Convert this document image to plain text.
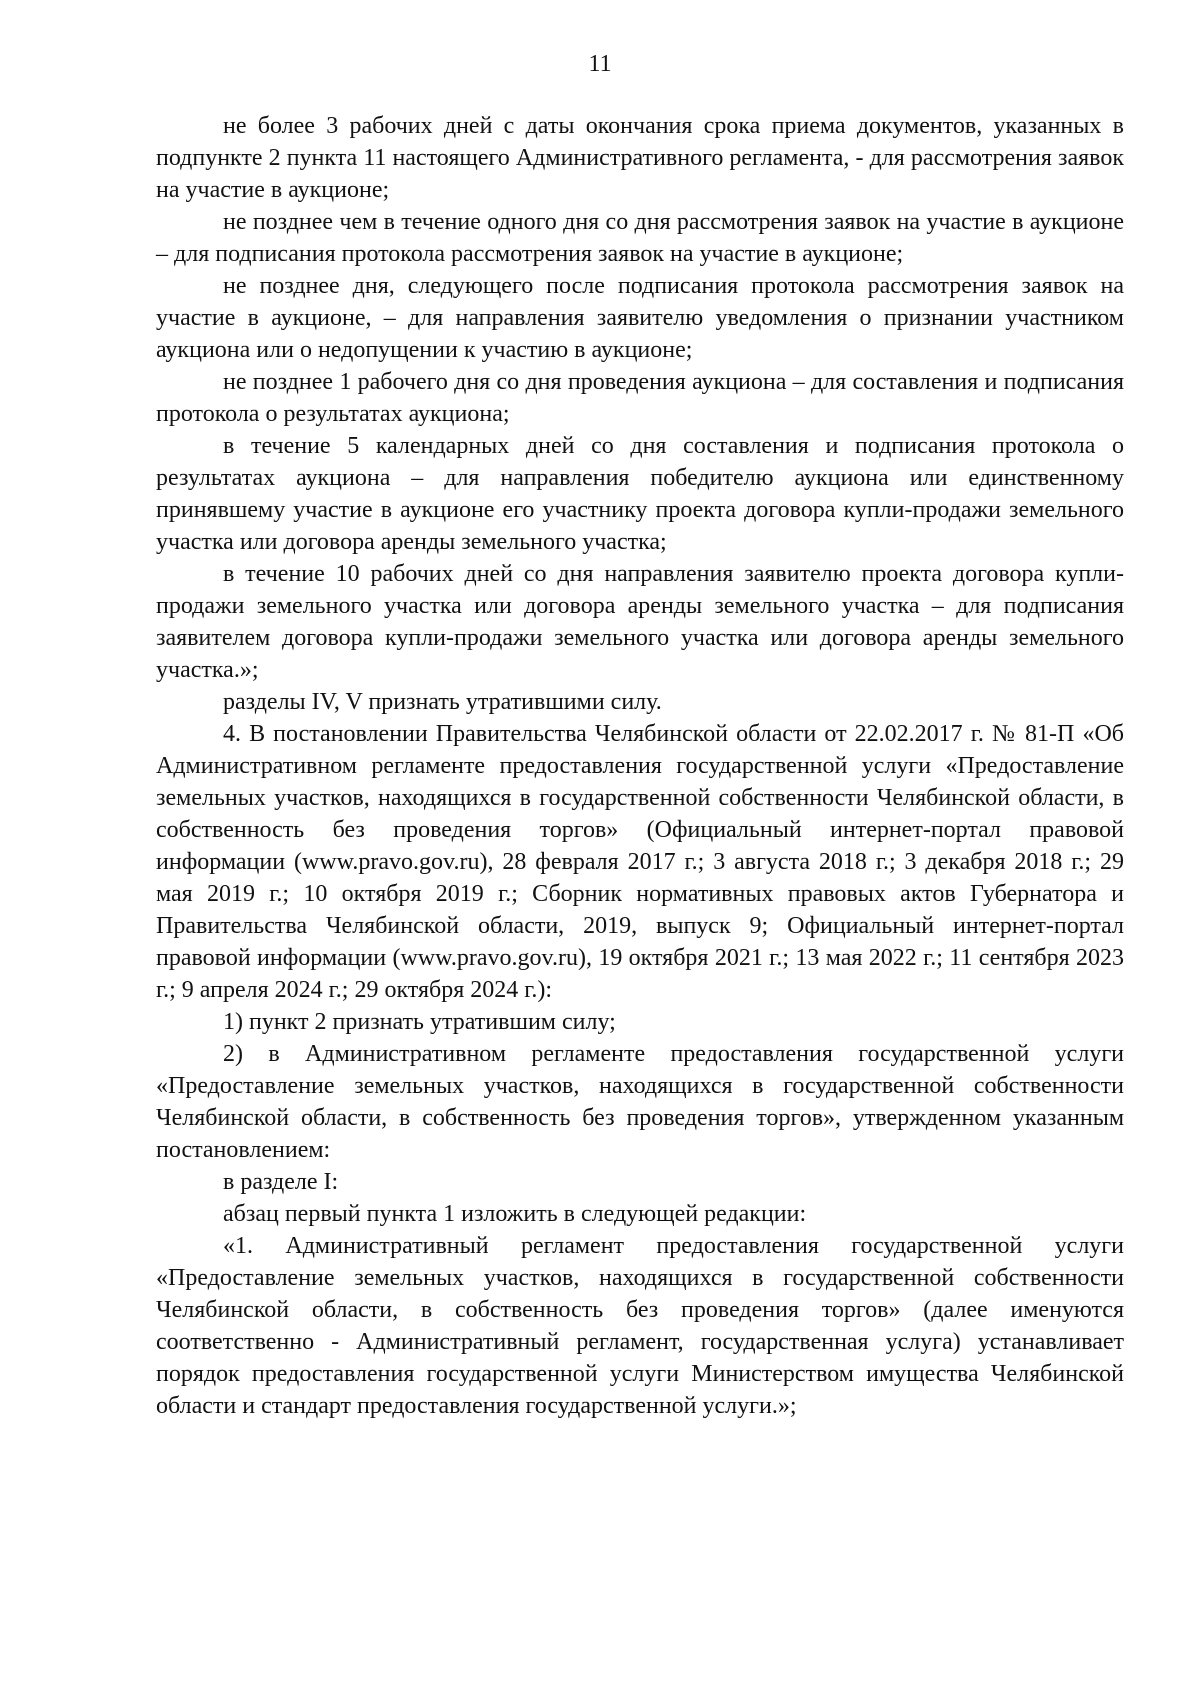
11

не более 3 рабочих дней с даты окончания срока приема документов, указанных в подпункте 2 пункта 11 настоящего Административного регламента, - для рассмотрения заявок на участие в аукционе;

не позднее чем в течение одного дня со дня рассмотрения заявок на участие в аукционе – для подписания протокола рассмотрения заявок на участие в аукционе;

не позднее дня, следующего после подписания протокола рассмотрения заявок на участие в аукционе, – для направления заявителю уведомления о признании участником аукциона или о недопущении к участию в аукционе;

не позднее 1 рабочего дня со дня проведения аукциона – для составления и подписания протокола о результатах аукциона;

в течение 5 календарных дней со дня составления и подписания протокола о результатах аукциона – для направления победителю аукциона или единственному принявшему участие в аукционе его участнику проекта договора купли-продажи земельного участка или договора аренды земельного участка;

в течение 10 рабочих дней со дня направления заявителю проекта договора купли-продажи земельного участка или договора аренды земельного участка – для подписания заявителем договора купли-продажи земельного участка или договора аренды земельного участка.»;

разделы IV, V признать утратившими силу.

4. В постановлении Правительства Челябинской области от 22.02.2017 г. № 81-П «Об Административном регламенте предоставления государственной услуги «Предоставление земельных участков, находящихся в государственной собственности Челябинской области, в собственность без проведения торгов» (Официальный интернет-портал правовой информации (www.pravo.gov.ru), 28 февраля 2017 г.; 3 августа 2018 г.; 3 декабря 2018 г.; 29 мая 2019 г.; 10 октября 2019 г.; Сборник нормативных правовых актов Губернатора и Правительства Челябинской области, 2019, выпуск 9; Официальный интернет-портал правовой информации (www.pravo.gov.ru), 19 октября 2021 г.; 13 мая 2022 г.; 11 сентября 2023 г.; 9 апреля 2024 г.; 29 октября 2024 г.):

1) пункт 2 признать утратившим силу;

2) в Административном регламенте предоставления государственной услуги «Предоставление земельных участков, находящихся в государственной собственности Челябинской области, в собственность без проведения торгов», утвержденном указанным постановлением:

в разделе I:

абзац первый пункта 1 изложить в следующей редакции:

«1. Административный регламент предоставления государственной услуги «Предоставление земельных участков, находящихся в государственной собственности Челябинской области, в собственность без проведения торгов» (далее именуются соответственно - Административный регламент, государственная услуга) устанавливает порядок предоставления государственной услуги Министерством имущества Челябинской области и стандарт предоставления государственной услуги.»;
